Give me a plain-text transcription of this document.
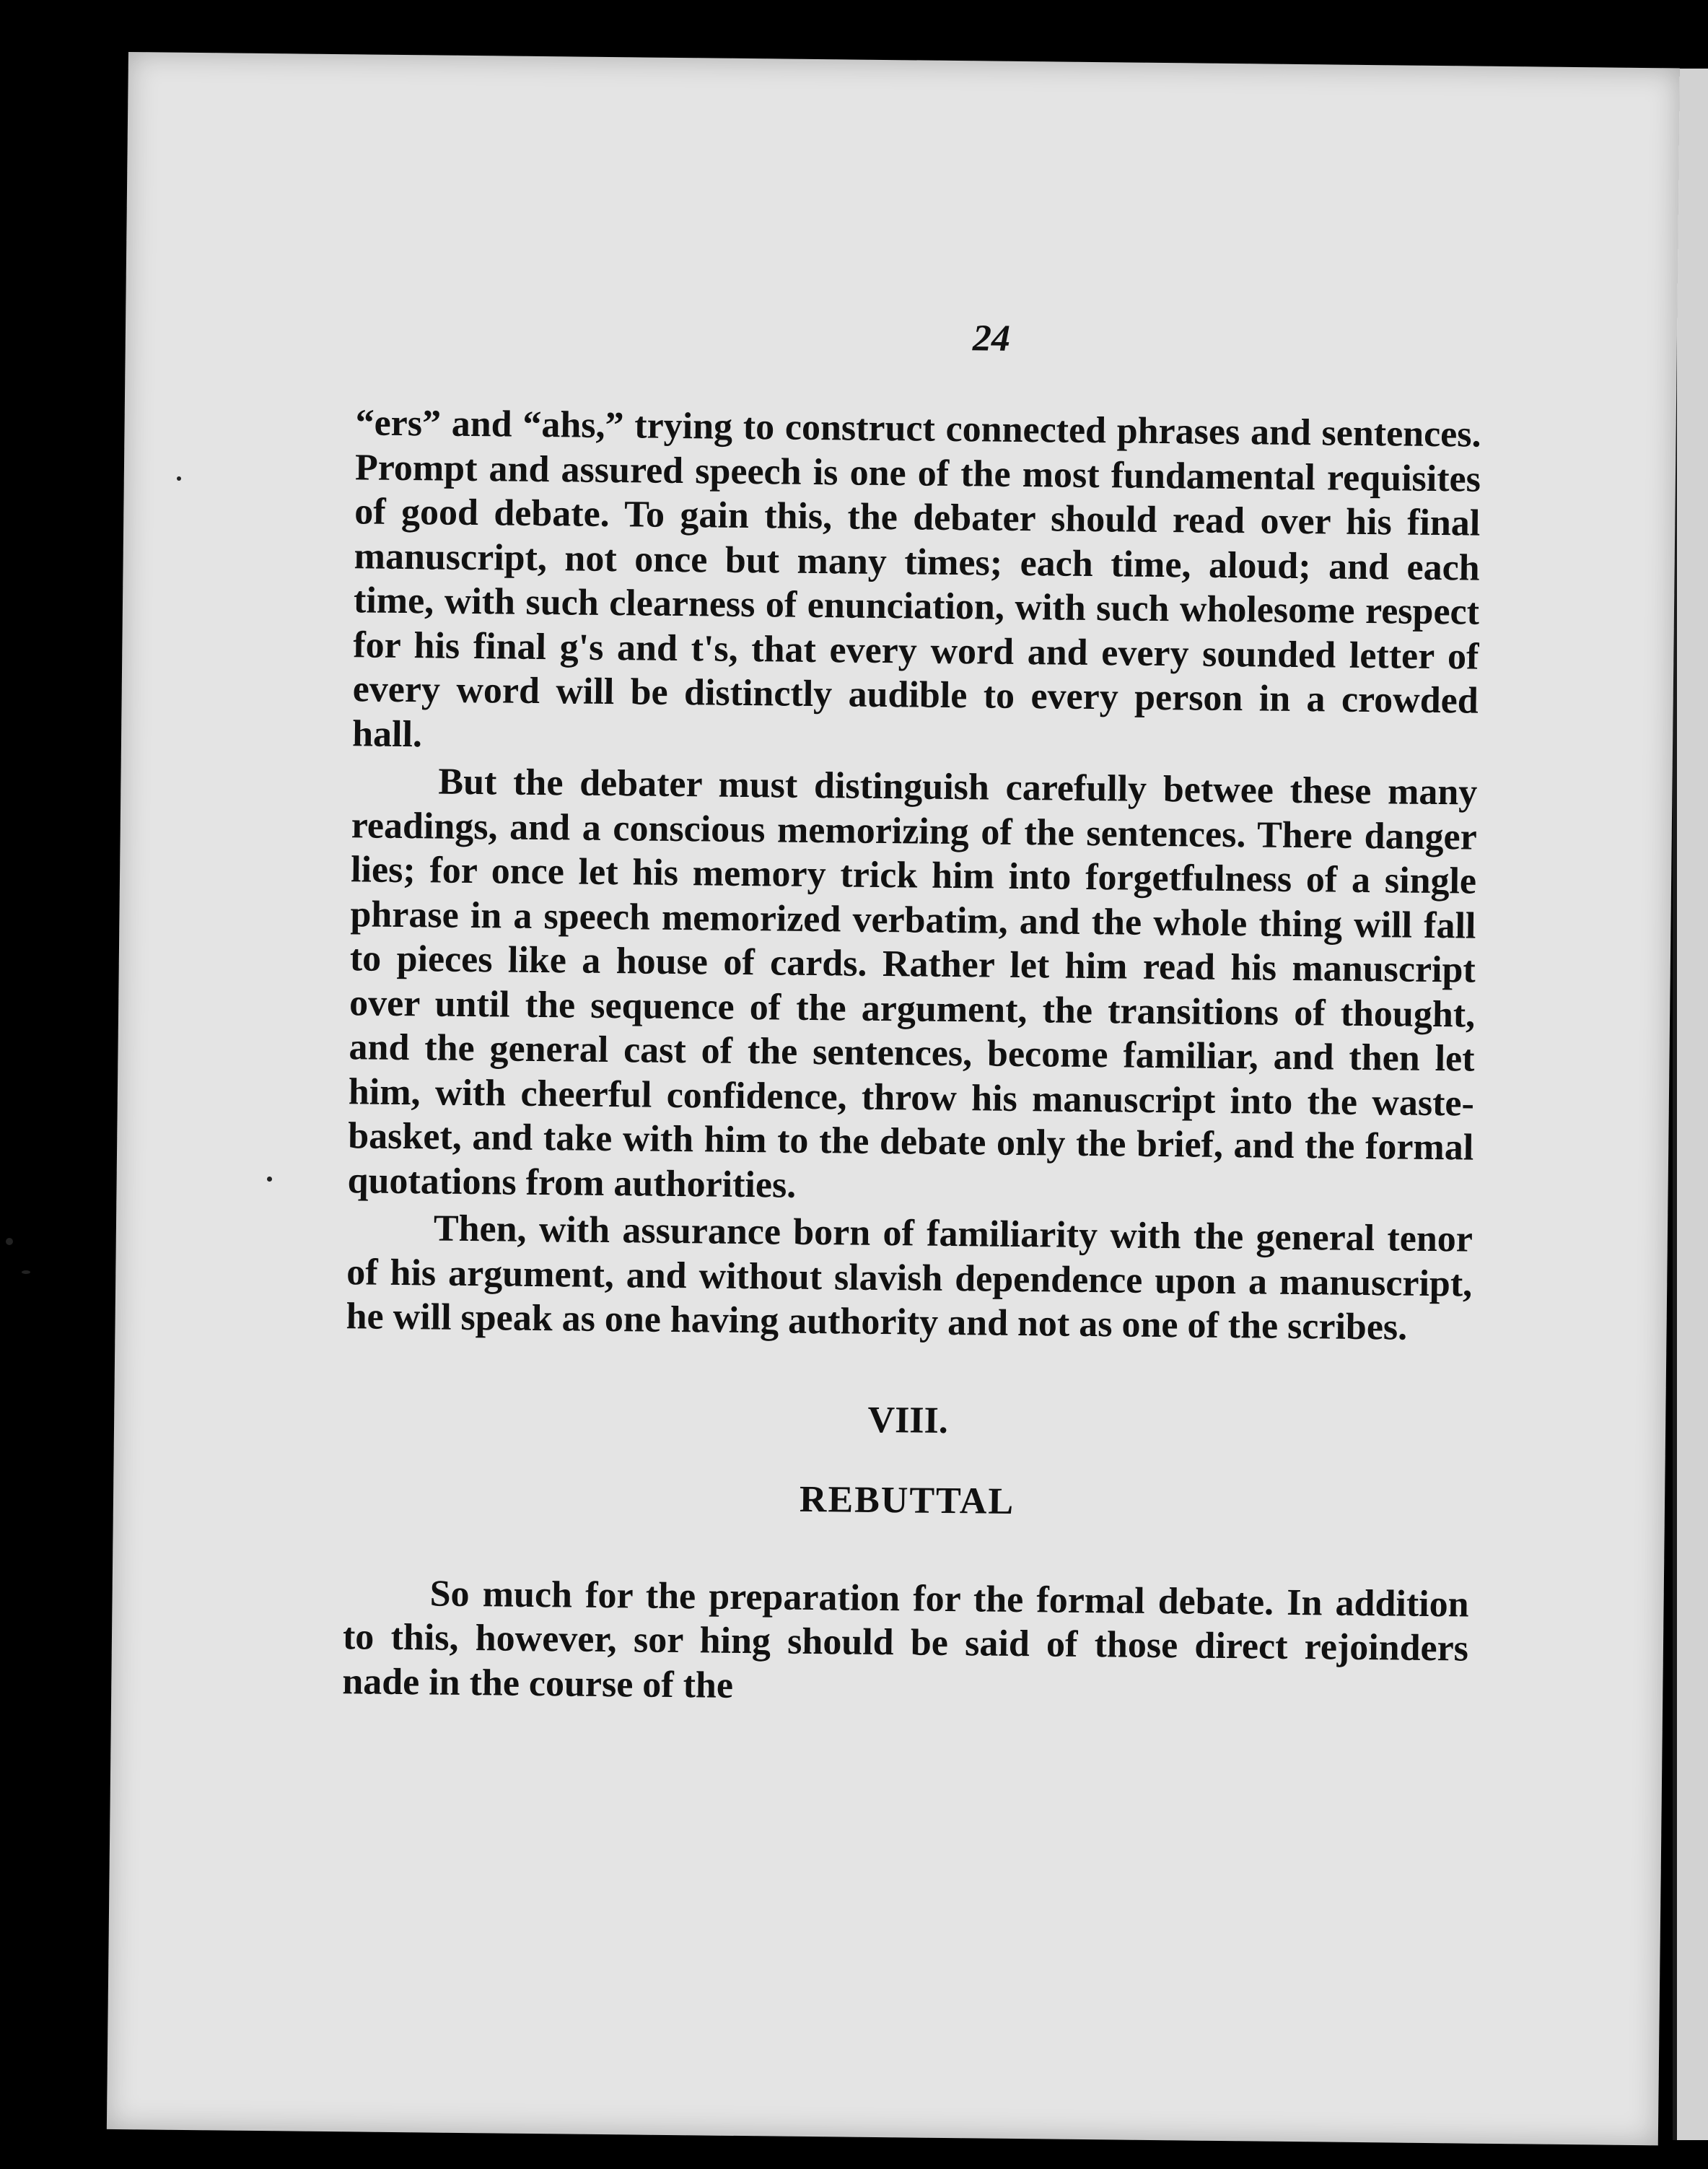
24

“ers” and “ahs,” trying to construct connected phrases and sentences. Prompt and assured speech is one of the most fundamental requisites of good debate. To gain this, the debater should read over his final manuscript, not once but many times; each time, aloud; and each time, with such clearness of enunciation, with such wholesome respect for his final g's and t's, that every word and every sounded letter of every word will be distinctly audible to every person in a crowded hall.

But the debater must distinguish carefully betwee these many readings, and a conscious memorizing of the sentences. There danger lies; for once let his memory trick him into forgetfulness of a single phrase in a speech memorized verbatim, and the whole thing will fall to pieces like a house of cards. Rather let him read his manuscript over until the sequence of the argument, the transitions of thought, and the general cast of the sentences, become familiar, and then let him, with cheerful confidence, throw his manuscript into the waste-basket, and take with him to the debate only the brief, and the formal quotations from authorities.

Then, with assurance born of familiarity with the general tenor of his argument, and without slavish dependence upon a manuscript, he will speak as one having authority and not as one of the scribes.

VIII.
REBUTTAL

So much for the preparation for the formal debate. In addition to this, however, sor hing should be said of those direct rejoinders nade in the course of the
